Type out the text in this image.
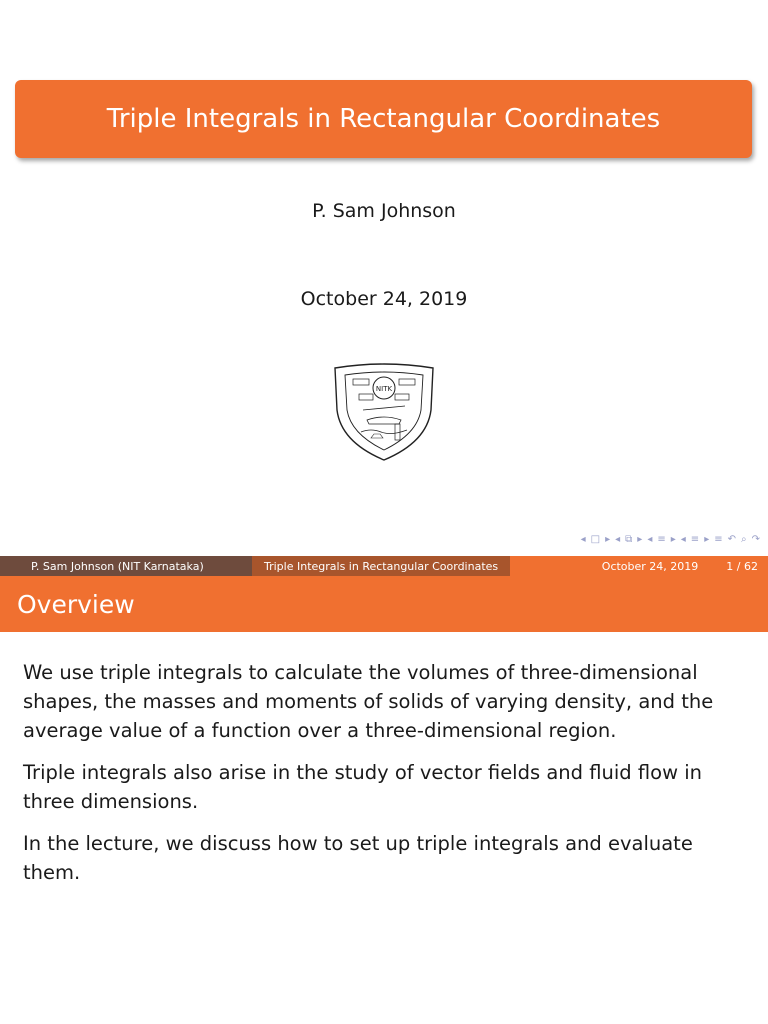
Triple Integrals in Rectangular Coordinates
P. Sam Johnson
October 24, 2019
NITK
◂ □ ▸ ◂ ⧉ ▸ ◂ ≡ ▸ ◂ ≡ ▸ ≡ ↶ ⌕ ↷
P. Sam Johnson (NIT Karnataka)	Triple Integrals in Rectangular Coordinates	October 24, 2019	1 / 62
Overview

We use triple integrals to calculate the volumes of three-dimensional shapes, the masses and moments of solids of varying density, and the average value of a function over a three-dimensional region.

Triple integrals also arise in the study of vector fields and fluid flow in three dimensions.

In the lecture, we discuss how to set up triple integrals and evaluate them.
